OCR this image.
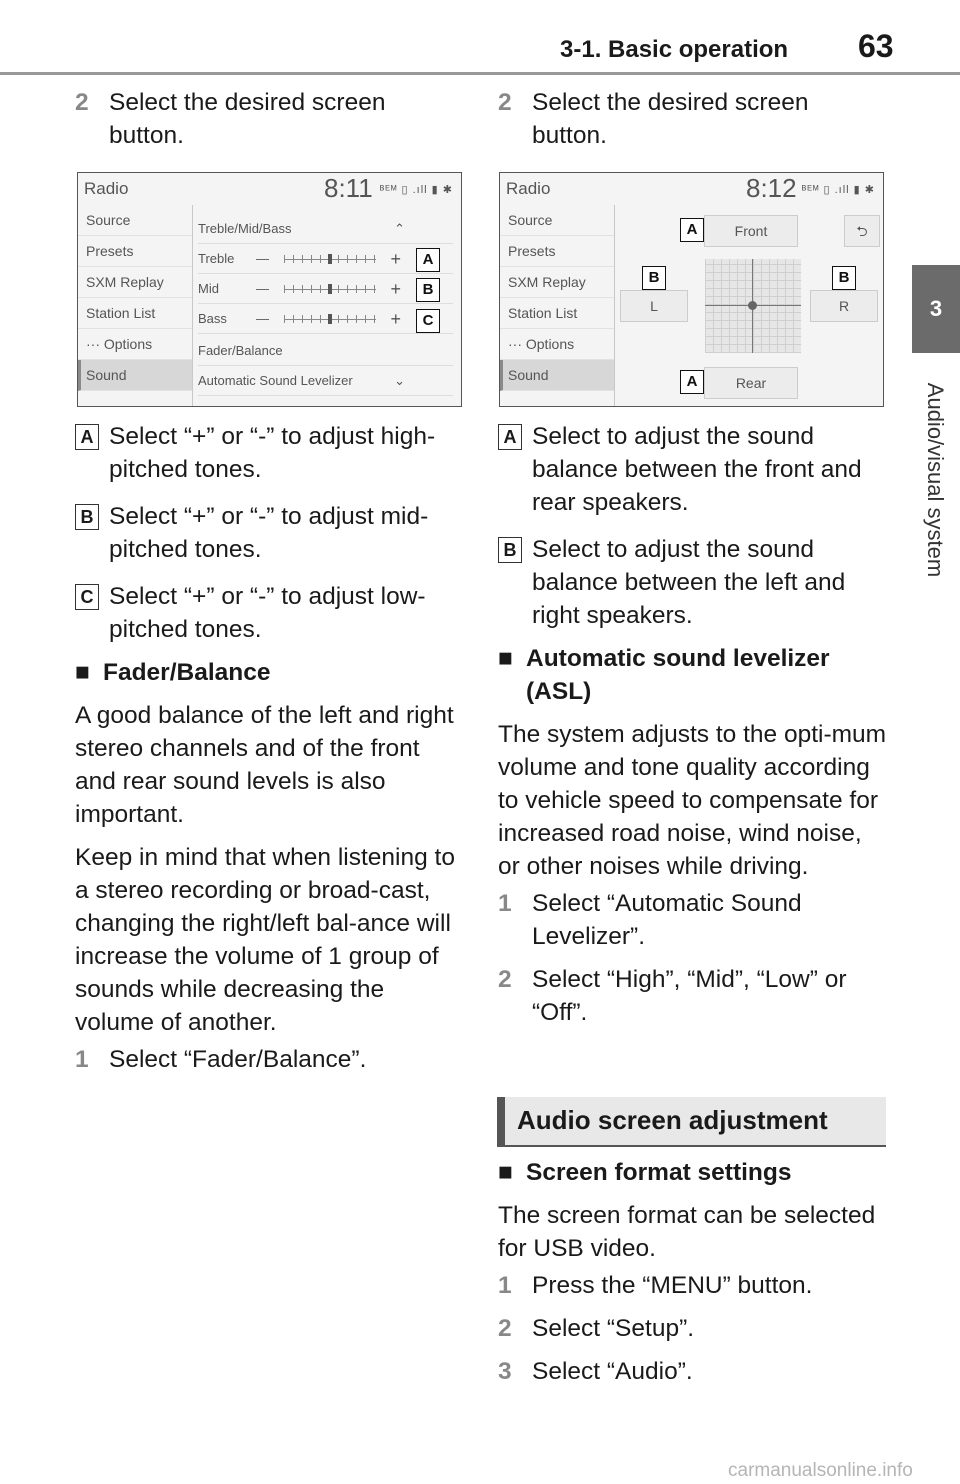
3-1. Basic operation 63
3
Audio/visual system
2 Select the desired screen button.
Radio	8:11 ᴮᴱᴹ ▯ .ıll ▮ ✱
Source
Presets
SXM Replay
Station List
··· Options
Sound
Treble/Mid/Bass	⌃
Treble —	+
Mid	—	+
Bass —	+
Fader/Balance
Automatic Sound Levelizer	⌄
A
B
C
A Select “+” or “-” to adjust high-pitched tones.
B Select “+” or “-” to adjust mid-pitched tones.
C Select “+” or “-” to adjust low-pitched tones.
■ Fader/Balance

A good balance of the left and right stereo channels and of the front and rear sound levels is also important.

Keep in mind that when listening to a stereo recording or broad-cast, changing the right/left bal-ance will increase the volume of 1 group of sounds while decreasing the volume of another.

1 Select “Fader/Balance”.
2 Select the desired screen button.
Radio	8:12 ᴮᴱᴹ ▯ .ıll ▮ ✱
Source
Presets
SXM Replay
Station List
··· Options
Sound
Front	⮌
L	R
Rear
A
B	B
A
A Select to adjust the sound balance between the front and rear speakers.
B Select to adjust the sound balance between the left and right speakers.
■ Automatic sound levelizer (ASL)

The system adjusts to the opti-mum volume and tone quality according to vehicle speed to compensate for increased road noise, wind noise, or other noises while driving.

1 Select “Automatic Sound Levelizer”.
2 Select “High”, “Mid”, “Low” or “Off”.
Audio screen adjustment
■ Screen format settings

The screen format can be selected for USB video.

1 Press the “MENU” button.
2 Select “Setup”.
3 Select “Audio”.
carmanualsonline.info
